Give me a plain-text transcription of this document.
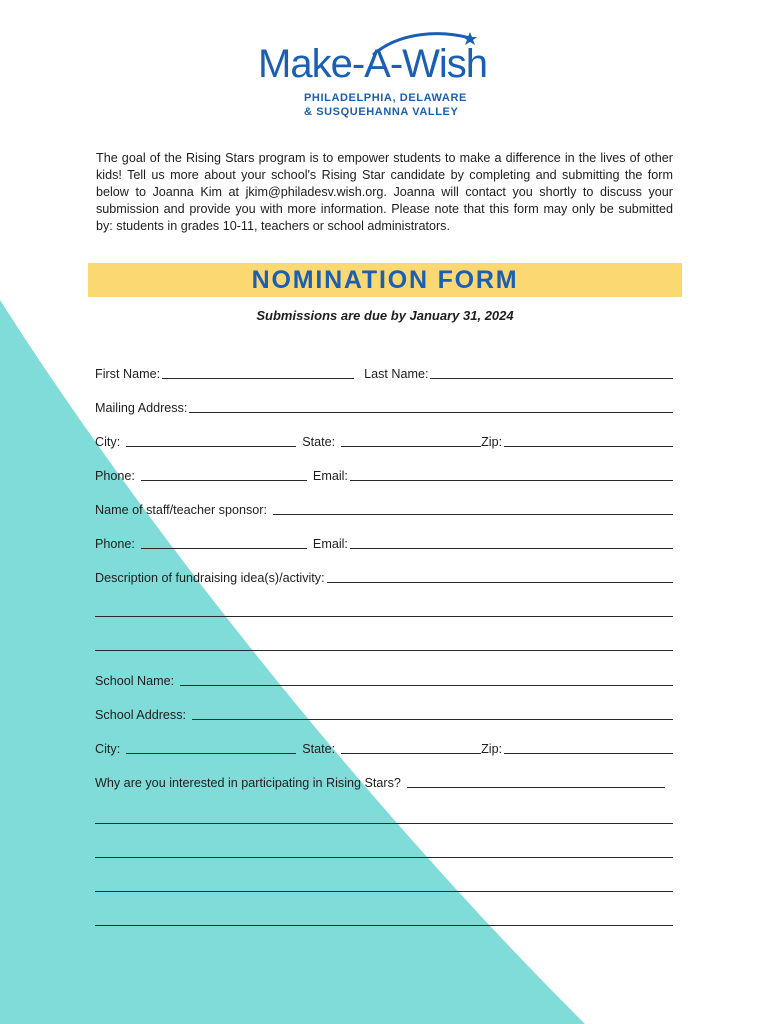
Make-A-Wish
PHILADELPHIA, DELAWARE
& SUSQUEHANNA VALLEY

The goal of the Rising Stars program is to empower students to make a difference in the lives of other kids! Tell us more about your school's Rising Star candidate by completing and submitting the form below to Joanna Kim at jkim@philadesv.wish.org. Joanna will contact you shortly to discuss your submission and provide you with more information. Please note that this form may only be submitted by: students in grades 10-11, teachers or school administrators.

NOMINATION FORM
Submissions are due by January 31, 2024
First Name:	Last Name:
Mailing Address:
City:	State:	Zip:
Phone:	Email:
Name of staff/teacher sponsor:
Phone:	Email:
Description of fundraising idea(s)/activity:
School Name:
School Address:
City:	State:	Zip:
Why are you interested in participating in Rising Stars?
